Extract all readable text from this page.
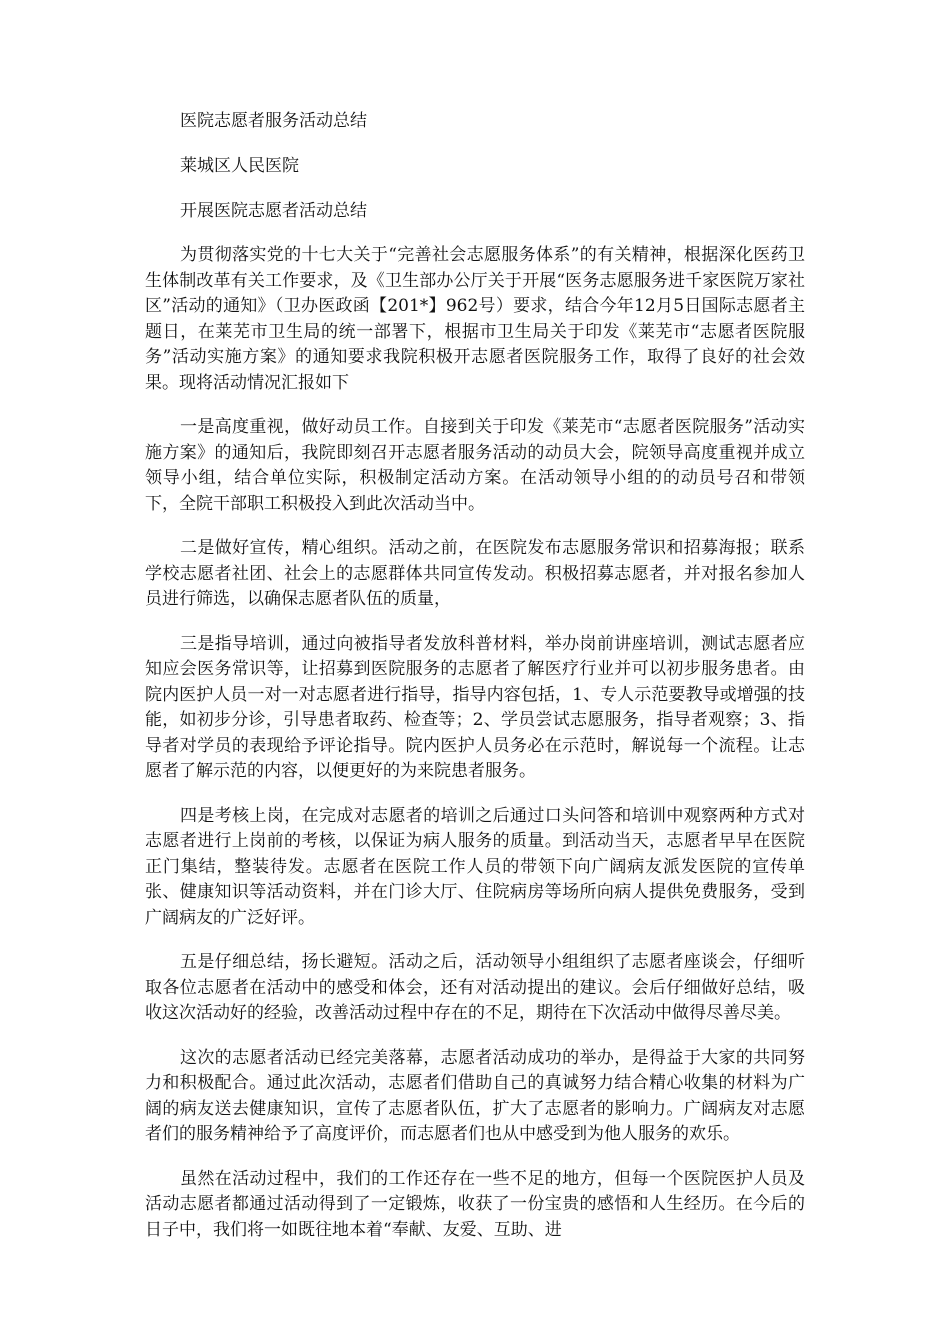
医院志愿者服务活动总结

莱城区人民医院

开展医院志愿者活动总结

为贯彻落实党的十七大关于“完善社会志愿服务体系”的有关精神，根据深化医药卫生体制改革有关工作要求，及《卫生部办公厅关于开展“医务志愿服务进千家医院万家社区”活动的通知》（卫办医政函【201*】962号）要求，结合今年12月5日国际志愿者主题日，在莱芜市卫生局的统一部署下，根据市卫生局关于印发《莱芜市“志愿者医院服务”活动实施方案》的通知要求我院积极开志愿者医院服务工作，取得了良好的社会效果。现将活动情况汇报如下

一是高度重视，做好动员工作。自接到关于印发《莱芜市“志愿者医院服务”活动实施方案》的通知后，我院即刻召开志愿者服务活动的动员大会，院领导高度重视并成立领导小组，结合单位实际，积极制定活动方案。在活动领导小组的的动员号召和带领下，全院干部职工积极投入到此次活动当中。

二是做好宣传，精心组织。活动之前，在医院发布志愿服务常识和招募海报；联系学校志愿者社团、社会上的志愿群体共同宣传发动。积极招募志愿者，并对报名参加人员进行筛选，以确保志愿者队伍的质量，

三是指导培训，通过向被指导者发放科普材料，举办岗前讲座培训，测试志愿者应知应会医务常识等，让招募到医院服务的志愿者了解医疗行业并可以初步服务患者。由院内医护人员一对一对志愿者进行指导，指导内容包括，1、专人示范要教导或增强的技能，如初步分诊，引导患者取药、检查等；2、学员尝试志愿服务，指导者观察；3、指导者对学员的表现给予评论指导。院内医护人员务必在示范时，解说每一个流程。让志愿者了解示范的内容，以便更好的为来院患者服务。

四是考核上岗，在完成对志愿者的培训之后通过口头问答和培训中观察两种方式对志愿者进行上岗前的考核，以保证为病人服务的质量。到活动当天，志愿者早早在医院正门集结，整装待发。志愿者在医院工作人员的带领下向广阔病友派发医院的宣传单张、健康知识等活动资料，并在门诊大厅、住院病房等场所向病人提供免费服务，受到广阔病友的广泛好评。

五是仔细总结，扬长避短。活动之后，活动领导小组组织了志愿者座谈会，仔细听取各位志愿者在活动中的感受和体会，还有对活动提出的建议。会后仔细做好总结，吸收这次活动好的经验，改善活动过程中存在的不足，期待在下次活动中做得尽善尽美。

这次的志愿者活动已经完美落幕，志愿者活动成功的举办，是得益于大家的共同努力和积极配合。通过此次活动，志愿者们借助自己的真诚努力结合精心收集的材料为广阔的病友送去健康知识，宣传了志愿者队伍，扩大了志愿者的影响力。广阔病友对志愿者们的服务精神给予了高度评价，而志愿者们也从中感受到为他人服务的欢乐。

虽然在活动过程中，我们的工作还存在一些不足的地方，但每一个医院医护人员及活动志愿者都通过活动得到了一定锻炼，收获了一份宝贵的感悟和人生经历。在今后的日子中，我们将一如既往地本着“奉献、友爱、互助、进
